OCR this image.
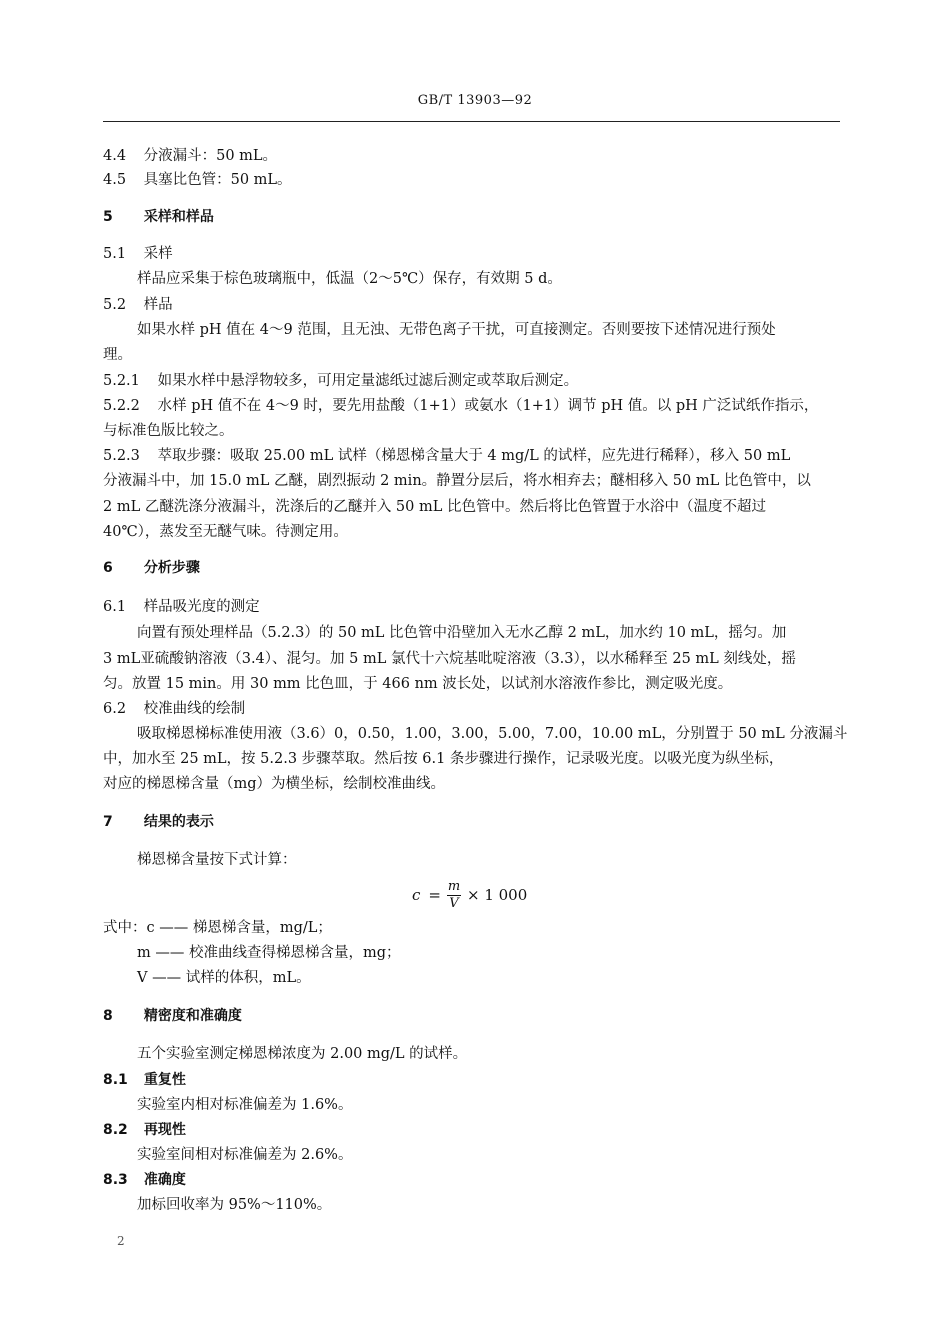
GB/T 13903—92
4.4 分液漏斗：50 mL。
4.5 具塞比色管：50 mL。
5 采样和样品
5.1 采样
样品应采集于棕色玻璃瓶中，低温（2～5℃）保存，有效期 5 d。
5.2 样品
如果水样 pH 值在 4～9 范围，且无浊、无带色离子干扰，可直接测定。否则要按下述情况进行预处
理。
5.2.1 如果水样中悬浮物较多，可用定量滤纸过滤后测定或萃取后测定。
5.2.2 水样 pH 值不在 4～9 时，要先用盐酸（1+1）或氨水（1+1）调节 pH 值。以 pH 广泛试纸作指示，
与标准色版比较之。
5.2.3 萃取步骤：吸取 25.00 mL 试样（梯恩梯含量大于 4 mg/L 的试样，应先进行稀释），移入 50 mL
分液漏斗中，加 15.0 mL 乙醚，剧烈振动 2 min。静置分层后，将水相弃去；醚相移入 50 mL 比色管中，以
2 mL 乙醚洗涤分液漏斗，洗涤后的乙醚并入 50 mL 比色管中。然后将比色管置于水浴中（温度不超过
40℃），蒸发至无醚气味。待测定用。
6 分析步骤
6.1 样品吸光度的测定
向置有预处理样品（5.2.3）的 50 mL 比色管中沿壁加入无水乙醇 2 mL，加水约 10 mL，摇匀。加
3 mL亚硫酸钠溶液（3.4）、混匀。加 5 mL 氯代十六烷基吡啶溶液（3.3），以水稀释至 25 mL 刻线处，摇
匀。放置 15 min。用 30 mm 比色皿，于 466 nm 波长处，以试剂水溶液作参比，测定吸光度。
6.2 校准曲线的绘制
吸取梯恩梯标准使用液（3.6）0，0.50，1.00，3.00，5.00，7.00，10.00 mL，分别置于 50 mL 分液漏斗
中，加水至 25 mL，按 5.2.3 步骤萃取。然后按 6.1 条步骤进行操作，记录吸光度。以吸光度为纵坐标，
对应的梯恩梯含量（mg）为横坐标，绘制校准曲线。
7 结果的表示
梯恩梯含量按下式计算：
$c = \frac{m}{V} \times 1$ 000
式中：c —— 梯恩梯含量，mg/L；
m —— 校准曲线查得梯恩梯含量，mg；
V —— 试样的体积，mL。
8 精密度和准确度
五个实验室测定梯恩梯浓度为 2.00 mg/L 的试样。
8.1 重复性
实验室内相对标准偏差为 1.6%。
8.2 再现性
实验室间相对标准偏差为 2.6%。
8.3 准确度
加标回收率为 95%～110%。
2
